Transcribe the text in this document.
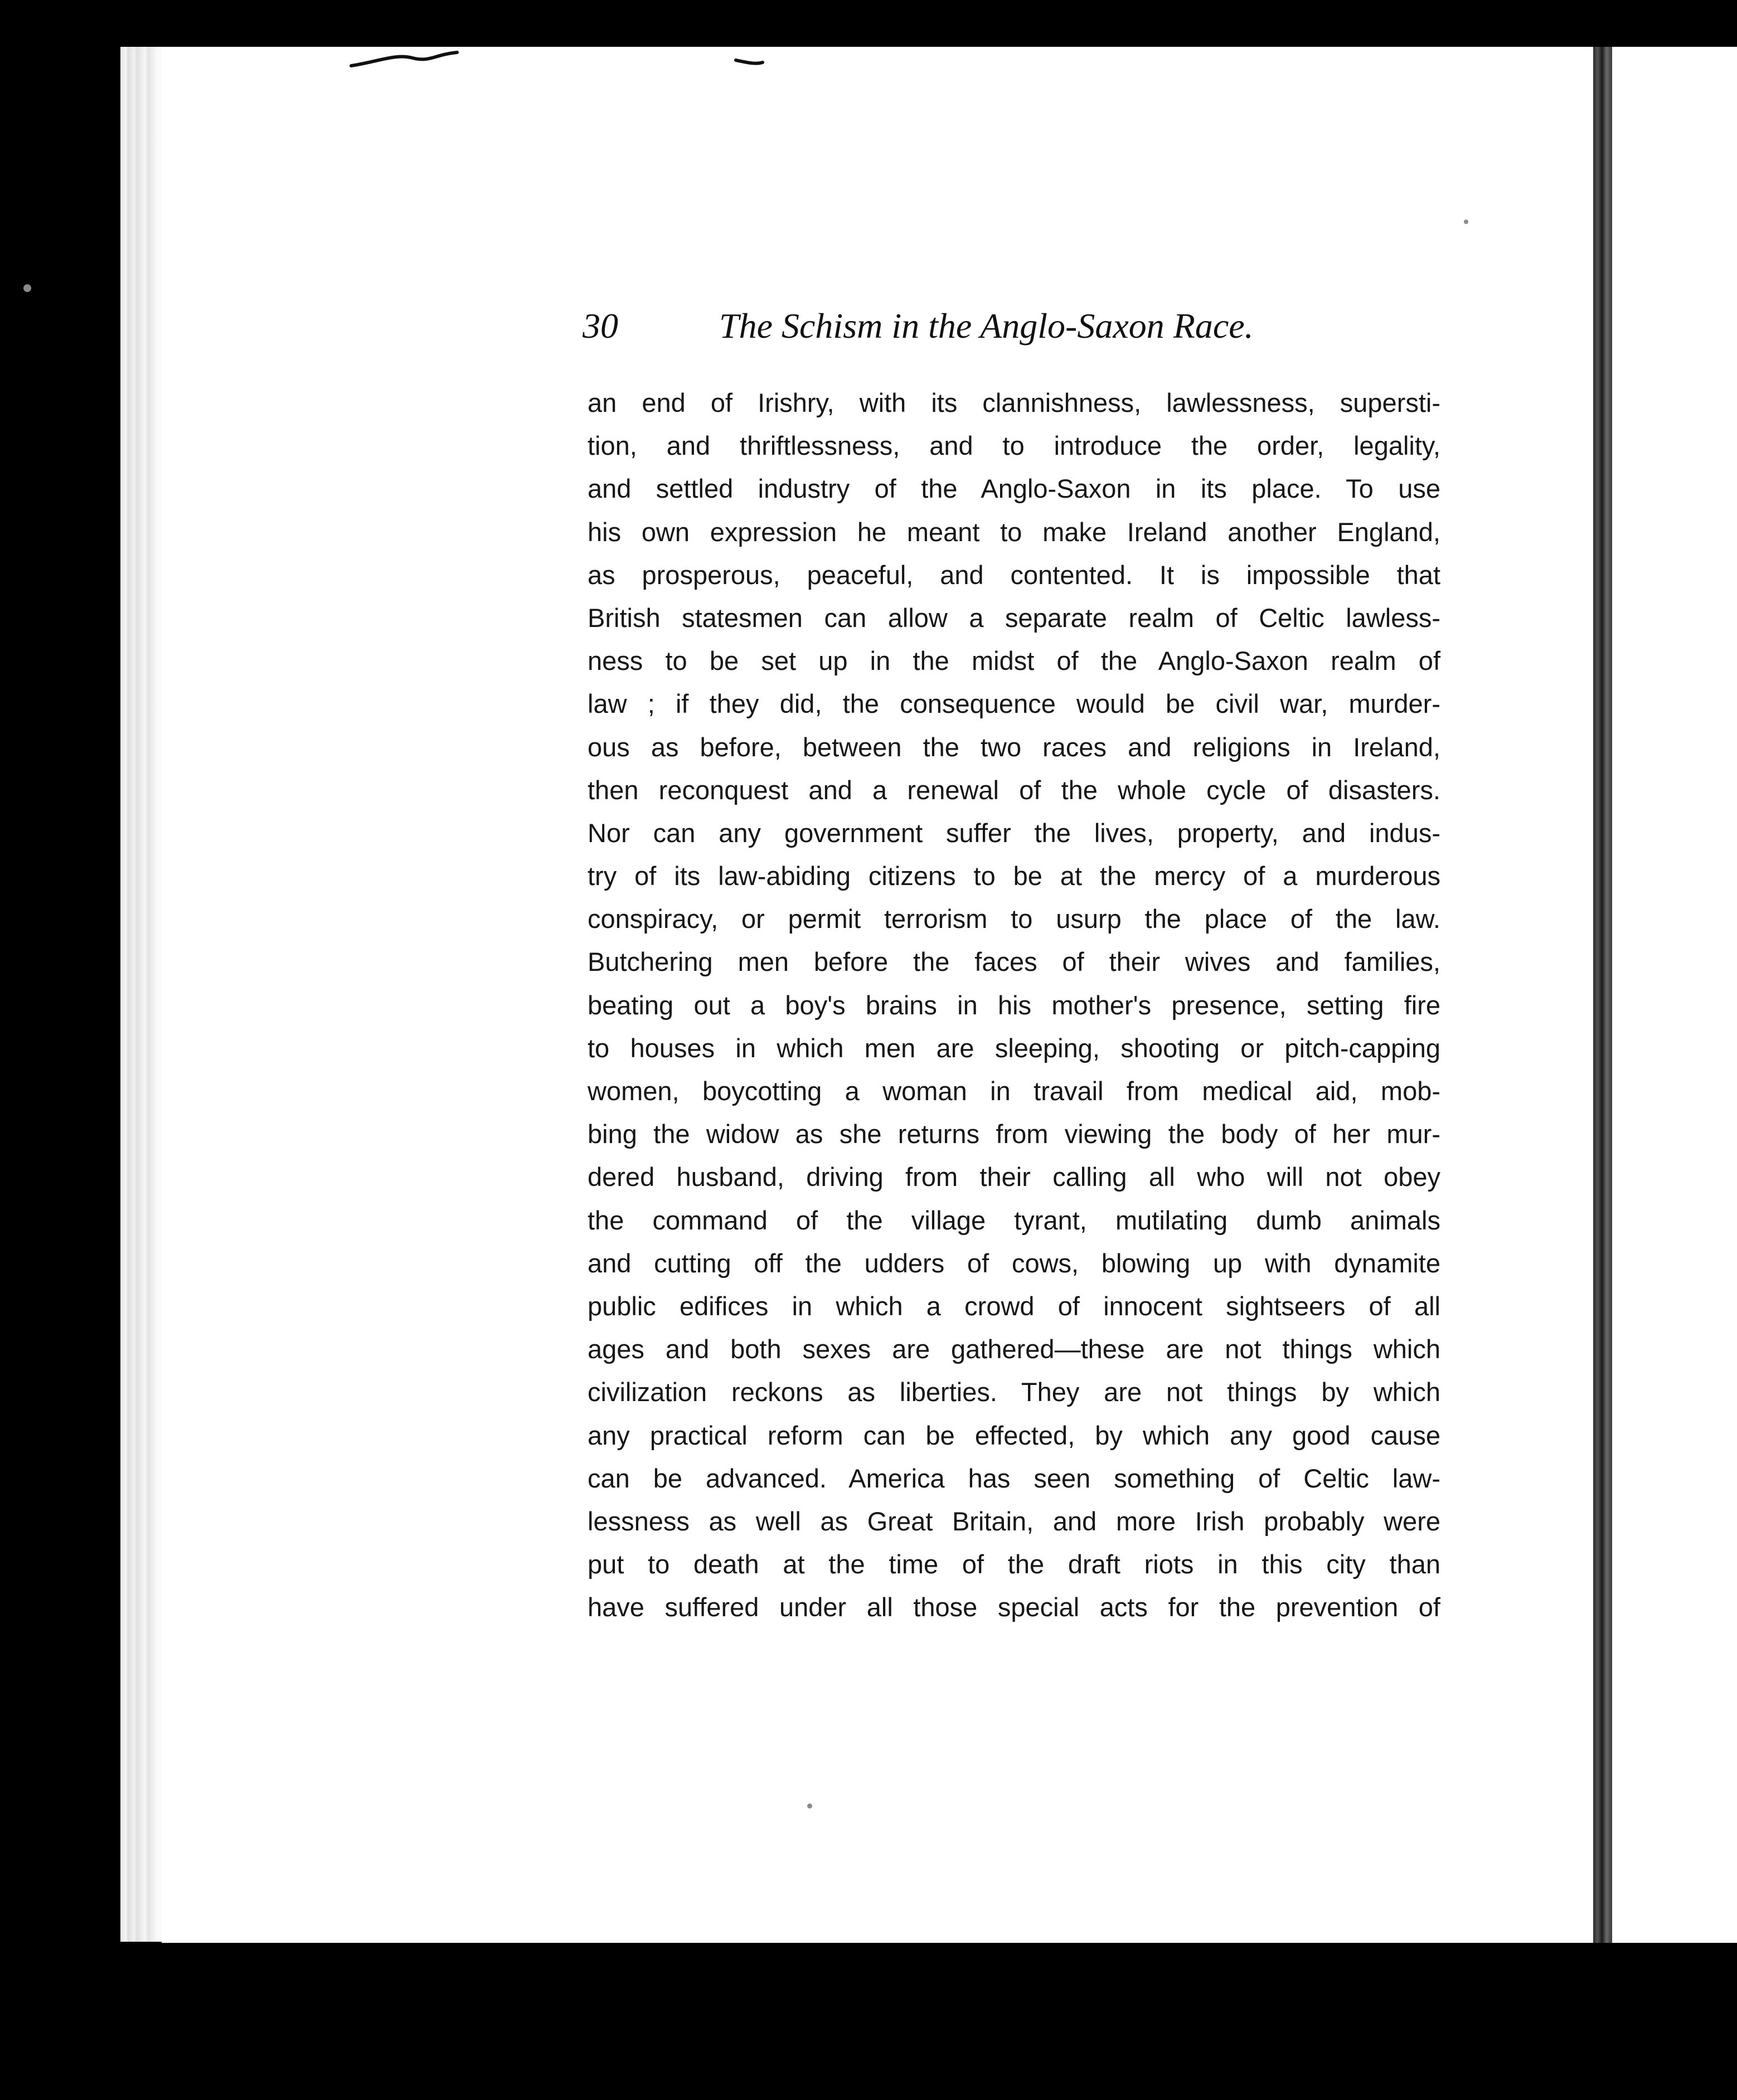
30	The Schism in the Anglo-Saxon Race.
an end of Irishry, with its clannishness, lawlessness, supersti-
tion, and thriftlessness, and to introduce the order, legality,
and settled industry of the Anglo-Saxon in its place. To use
his own expression he meant to make Ireland another England,
as prosperous, peaceful, and contented. It is impossible that
British statesmen can allow a separate realm of Celtic lawless-
ness to be set up in the midst of the Anglo-Saxon realm of
law ; if they did, the consequence would be civil war, murder-
ous as before, between the two races and religions in Ireland,
then reconquest and a renewal of the whole cycle of disasters.
Nor can any government suffer the lives, property, and indus-
try of its law-abiding citizens to be at the mercy of a murderous
conspiracy, or permit terrorism to usurp the place of the law.
Butchering men before the faces of their wives and families,
beating out a boy's brains in his mother's presence, setting fire
to houses in which men are sleeping, shooting or pitch-capping
women, boycotting a woman in travail from medical aid, mob-
bing the widow as she returns from viewing the body of her mur-
dered husband, driving from their calling all who will not obey
the command of the village tyrant, mutilating dumb animals
and cutting off the udders of cows, blowing up with dynamite
public edifices in which a crowd of innocent sightseers of all
ages and both sexes are gathered—these are not things which
civilization reckons as liberties. They are not things by which
any practical reform can be effected, by which any good cause
can be advanced. America has seen something of Celtic law-
lessness as well as Great Britain, and more Irish probably were
put to death at the time of the draft riots in this city than
have suffered under all those special acts for the prevention of
